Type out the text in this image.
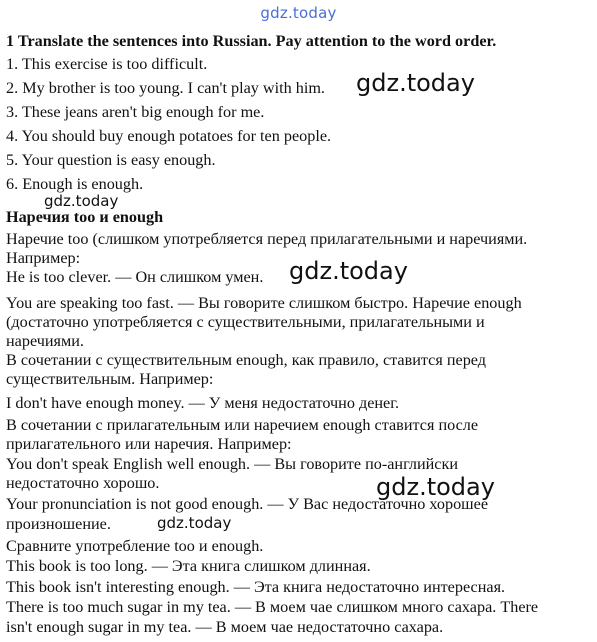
gdz.today
1 Translate the sentences into Russian. Pay attention to the word order.
1. This exercise is too difficult.
2. My brother is too young. I can't play with him.
3. These jeans aren't big enough for me.
4. You should buy enough potatoes for ten people.
5. Your question is easy enough.
6. Enough is enough.
Наречия too и enough
Наречие too (слишком употребляется перед прилагательными и наречиями.
Например:
He is too clever. — Он слишком умен.
You are speaking too fast. — Вы говорите слишком быстро. Наречие enough
(достаточно употребляется с существительными, прилагательными и
наречиями.
В сочетании с существительным enough, как правило, ставится перед
существительным. Например:
I don't have enough money. — У меня недостаточно денег.
В сочетании с прилагательным или наречием enough ставится после
прилагательного или наречия. Например:
You don't speak English well enough. — Вы говорите по-английски
недостаточно хорошо.
Your pronunciation is not good enough. — У Вас недостаточно хорошее
произношение.
Сравните употребление too и enough.
This book is too long. — Эта книга слишком длинная.
This book isn't interesting enough. — Эта книга недостаточно интересная.
There is too much sugar in my tea. — В моем чае слишком много сахара. There
isn't enough sugar in my tea. — В моем чае недостаточно сахара.
gdz.today
gdz.today
gdz.today
gdz.today
gdz.today
